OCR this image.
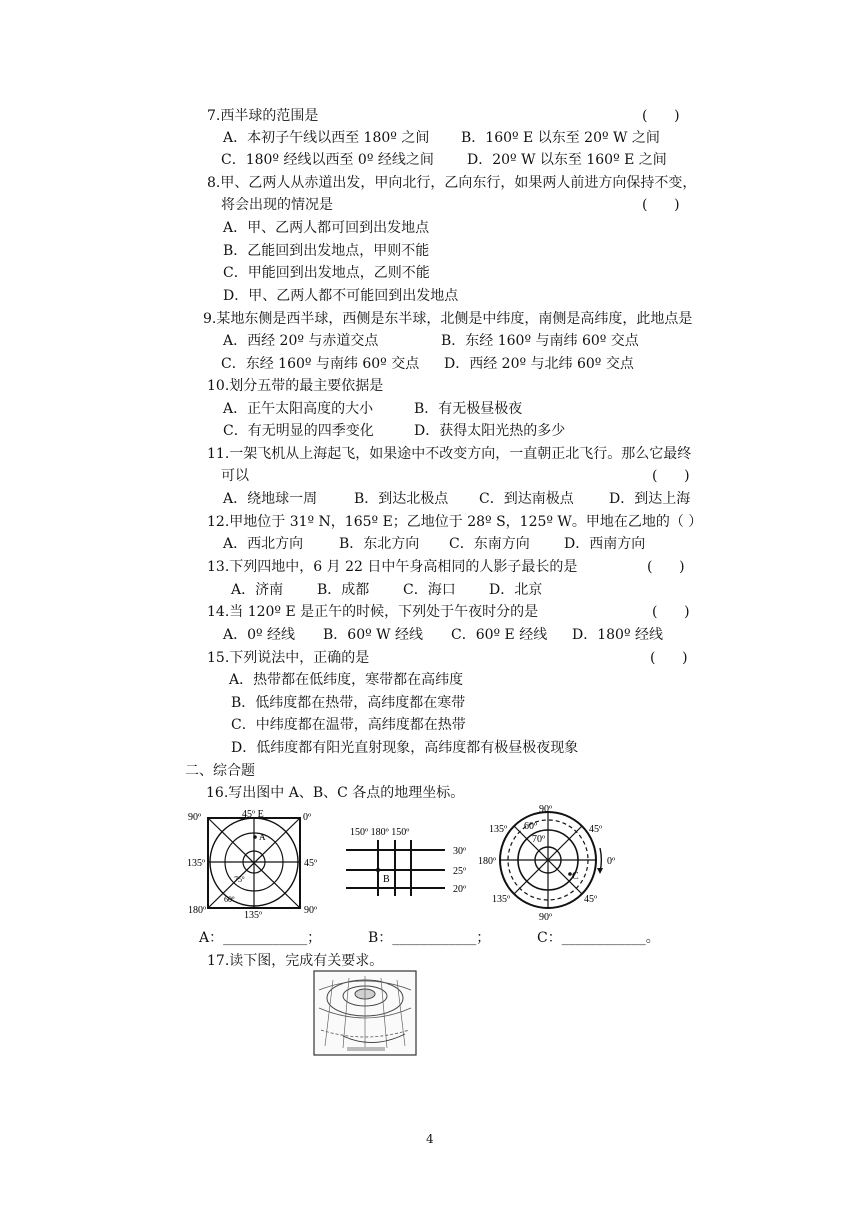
7.西半球的范围是	(      )
A．本初子午线以西至 180º 之间 B．160º E 以东至 20º W 之间
C．180º 经线以西至 0º 经线之间 D．20º W 以东至 160º E 之间
8.甲、乙两人从赤道出发，甲向北行，乙向东行，如果两人前进方向保持不变，
将会出现的情况是	(      )
A．甲、乙两人都可回到出发地点
B．乙能回到出发地点，甲则不能
C．甲能回到出发地点，乙则不能
D．甲、乙两人都不可能回到出发地点
9.某地东侧是西半球，西侧是东半球，北侧是中纬度，南侧是高纬度，此地点是
A．西经 20º 与赤道交点	B．东经 160º 与南纬 60º 交点
C．东经 160º 与南纬 60º 交点 D．西经 20º 与北纬 60º 交点
10.划分五带的最主要依据是
A．正午太阳高度的大小	B．有无极昼极夜
C．有无明显的四季变化	D．获得太阳光热的多少
11.一架飞机从上海起飞，如果途中不改变方向，一直朝正北飞行。那么它最终
可以	(      )
A．绕地球一周	B．到达北极点 C．到达南极点	D．到达上海
12.甲地位于 31º N，165º E；乙地位于 28º S，125º W。甲地在乙地的（ ）
A．西北方向	B．东北方向 C．东南方向 D．西南方向
13.下列四地中，6 月 22 日中午身高相同的人影子最长的是	(      )
A．济南 B．成都 C．海口 D．北京
14.当 120º E 是正午的时候，下列处于午夜时分的是	(      )
A．0º 经线 B．60º W 经线 C．60º E 经线 D．180º 经线
15.下列说法中，正确的是	(      )
A．热带都在低纬度，寒带都在高纬度
B．低纬度都在热带，高纬度都在寒带
C．中纬度都在温带，高纬度都在热带
D．低纬度都有阳光直射现象，高纬度都有极昼极夜现象
二、综合题
16.写出图中 A、B、C 各点的地理坐标。
45º E
90º	0º
135º	45º
180º	90º
135º
A
75º
60º
150º 180º 150º
30º
25º
20º
B
90º
135º	45º
180º	0º
135º	45º
90º
60º
70º
C
A：____________；	B：____________；	C：____________。
17.读下图，完成有关要求。
4
